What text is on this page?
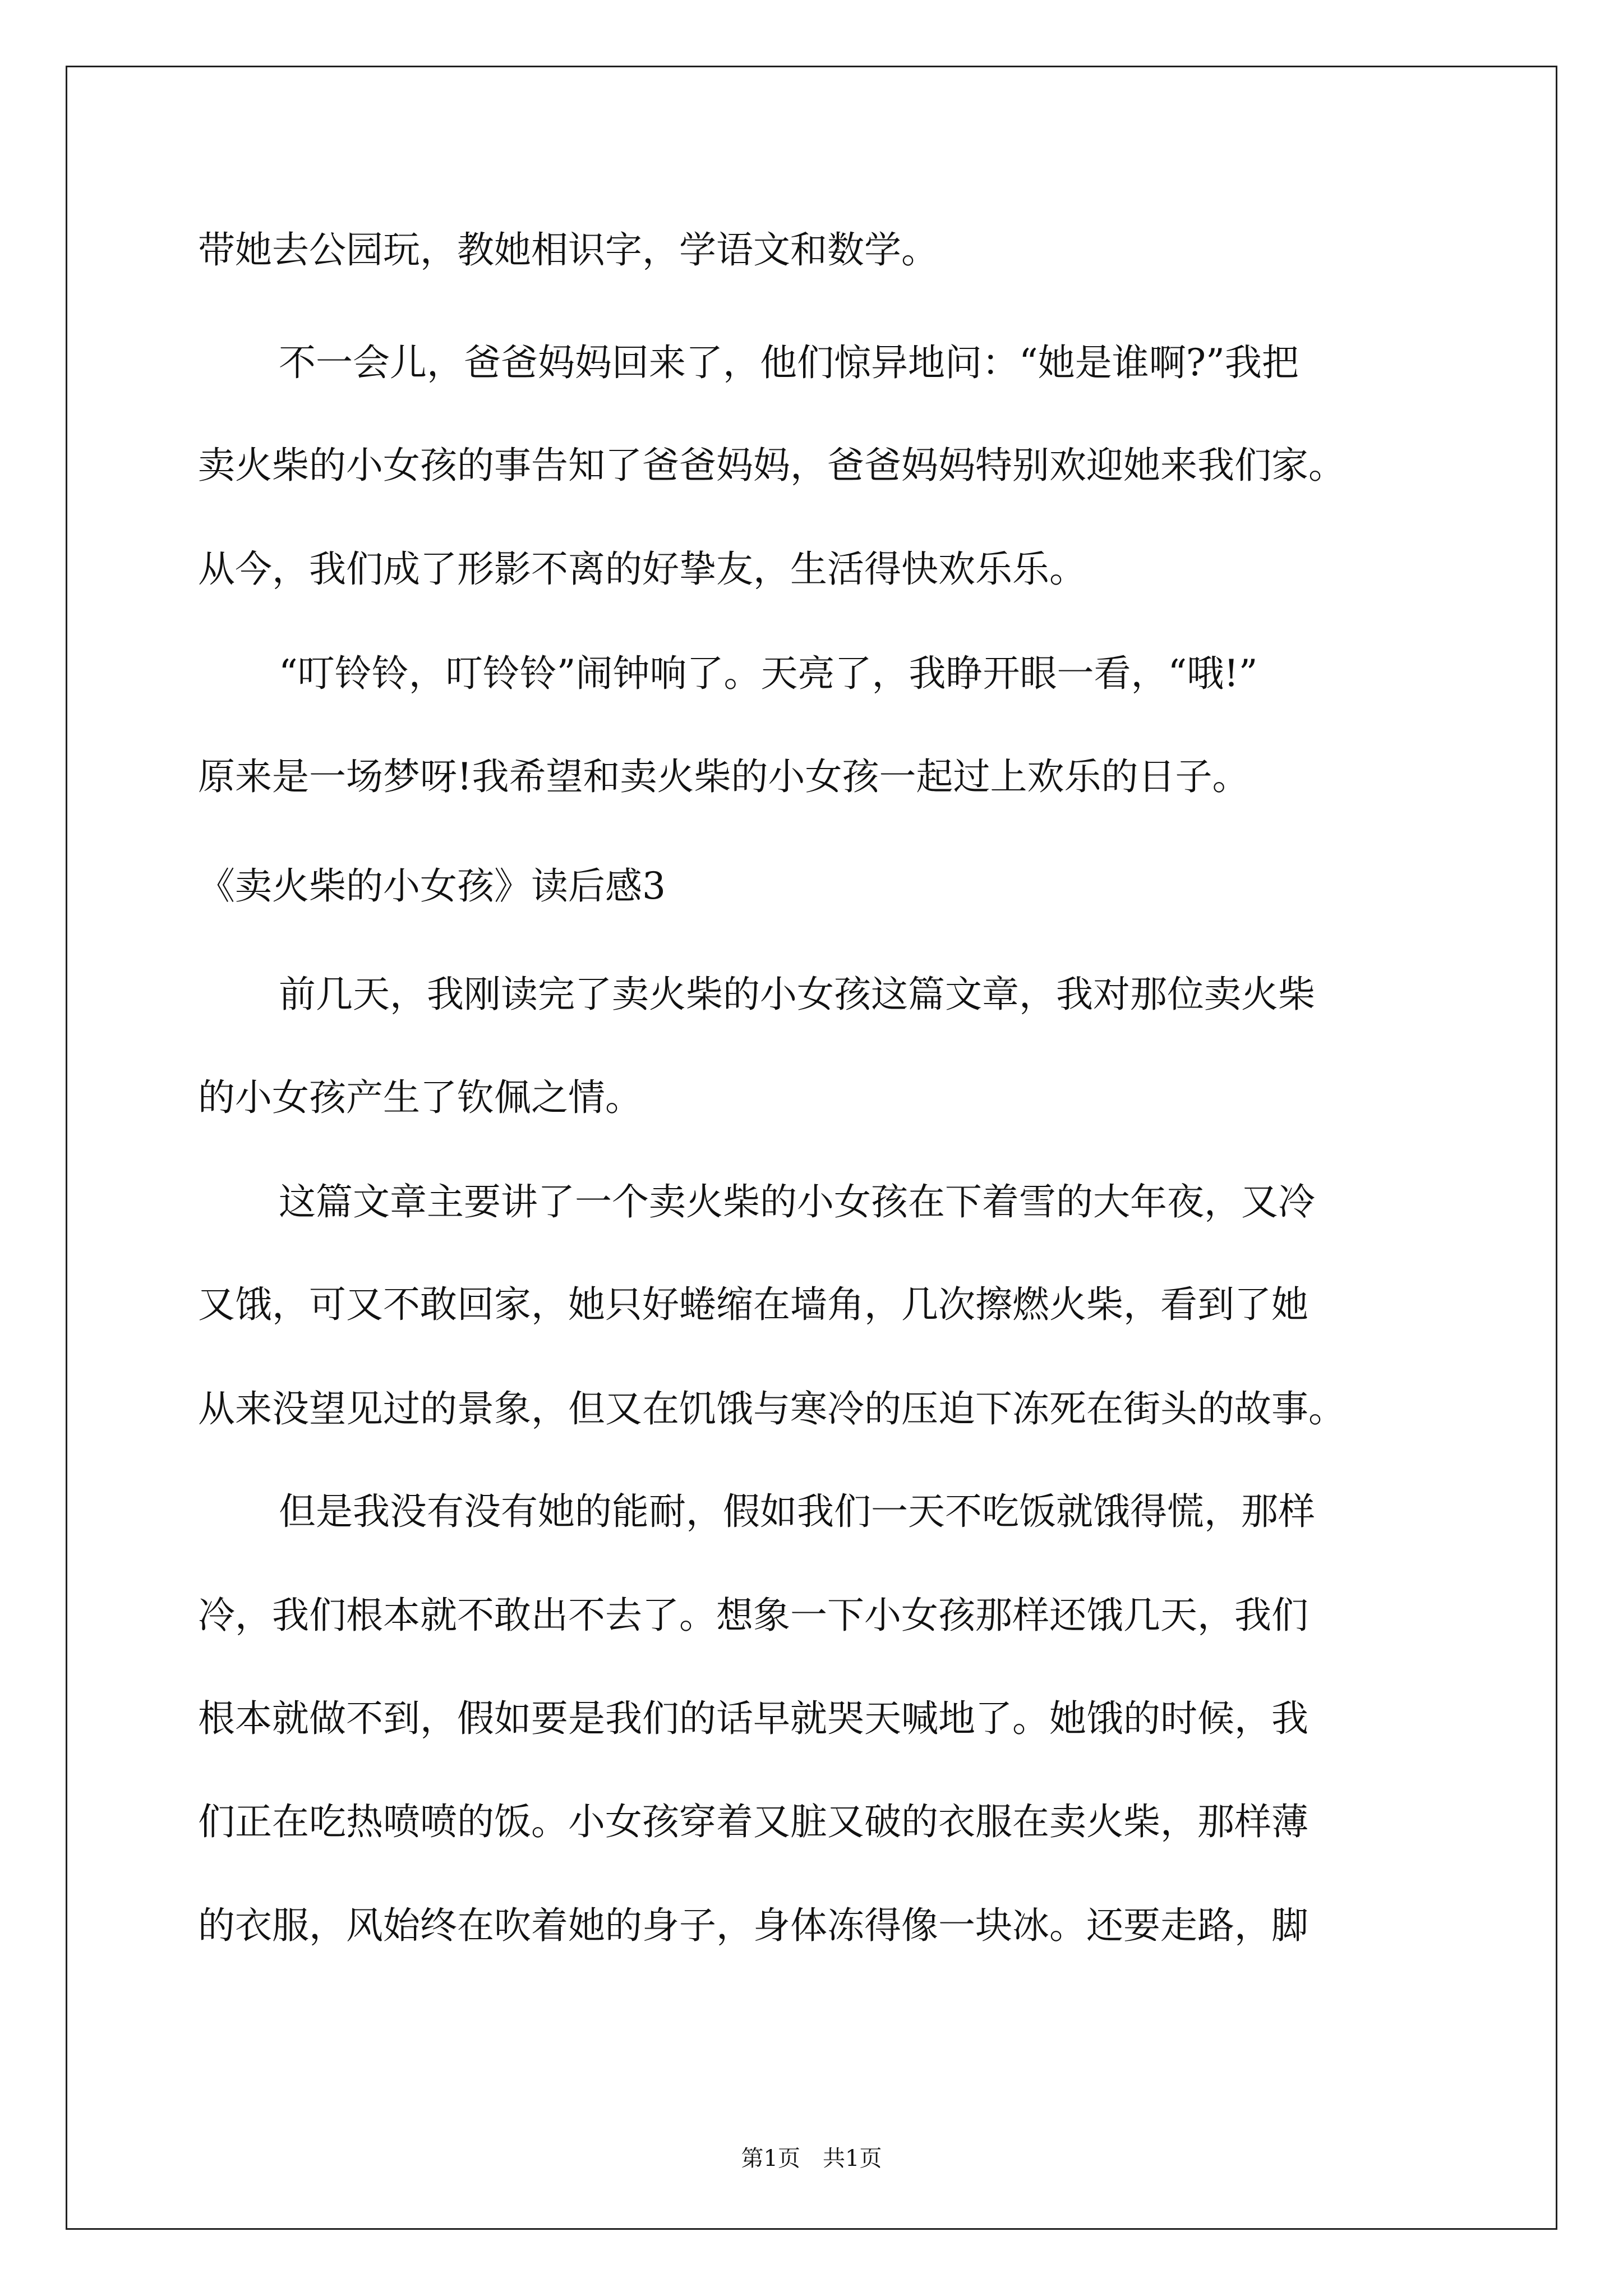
带她去公园玩，教她相识字，学语文和数学。
不一会儿，爸爸妈妈回来了，他们惊异地问：“她是谁啊?”我把
卖火柴的小女孩的事告知了爸爸妈妈，爸爸妈妈特别欢迎她来我们家。
从今，我们成了形影不离的好挚友，生活得快欢乐乐。
“叮铃铃，叮铃铃”闹钟响了。天亮了，我睁开眼一看，“哦!”
原来是一场梦呀!我希望和卖火柴的小女孩一起过上欢乐的日子。
《卖火柴的小女孩》读后感3
前几天，我刚读完了卖火柴的小女孩这篇文章，我对那位卖火柴
的小女孩产生了钦佩之情。
这篇文章主要讲了一个卖火柴的小女孩在下着雪的大年夜，又冷
又饿，可又不敢回家，她只好蜷缩在墙角，几次擦燃火柴，看到了她
从来没望见过的景象，但又在饥饿与寒冷的压迫下冻死在街头的故事。
但是我没有没有她的能耐，假如我们一天不吃饭就饿得慌，那样
冷，我们根本就不敢出不去了。想象一下小女孩那样还饿几天，我们
根本就做不到，假如要是我们的话早就哭天喊地了。她饿的时候，我
们正在吃热喷喷的饭。小女孩穿着又脏又破的衣服在卖火柴，那样薄
的衣服，风始终在吹着她的身子，身体冻得像一块冰。还要走路，脚
第1页　共1页
